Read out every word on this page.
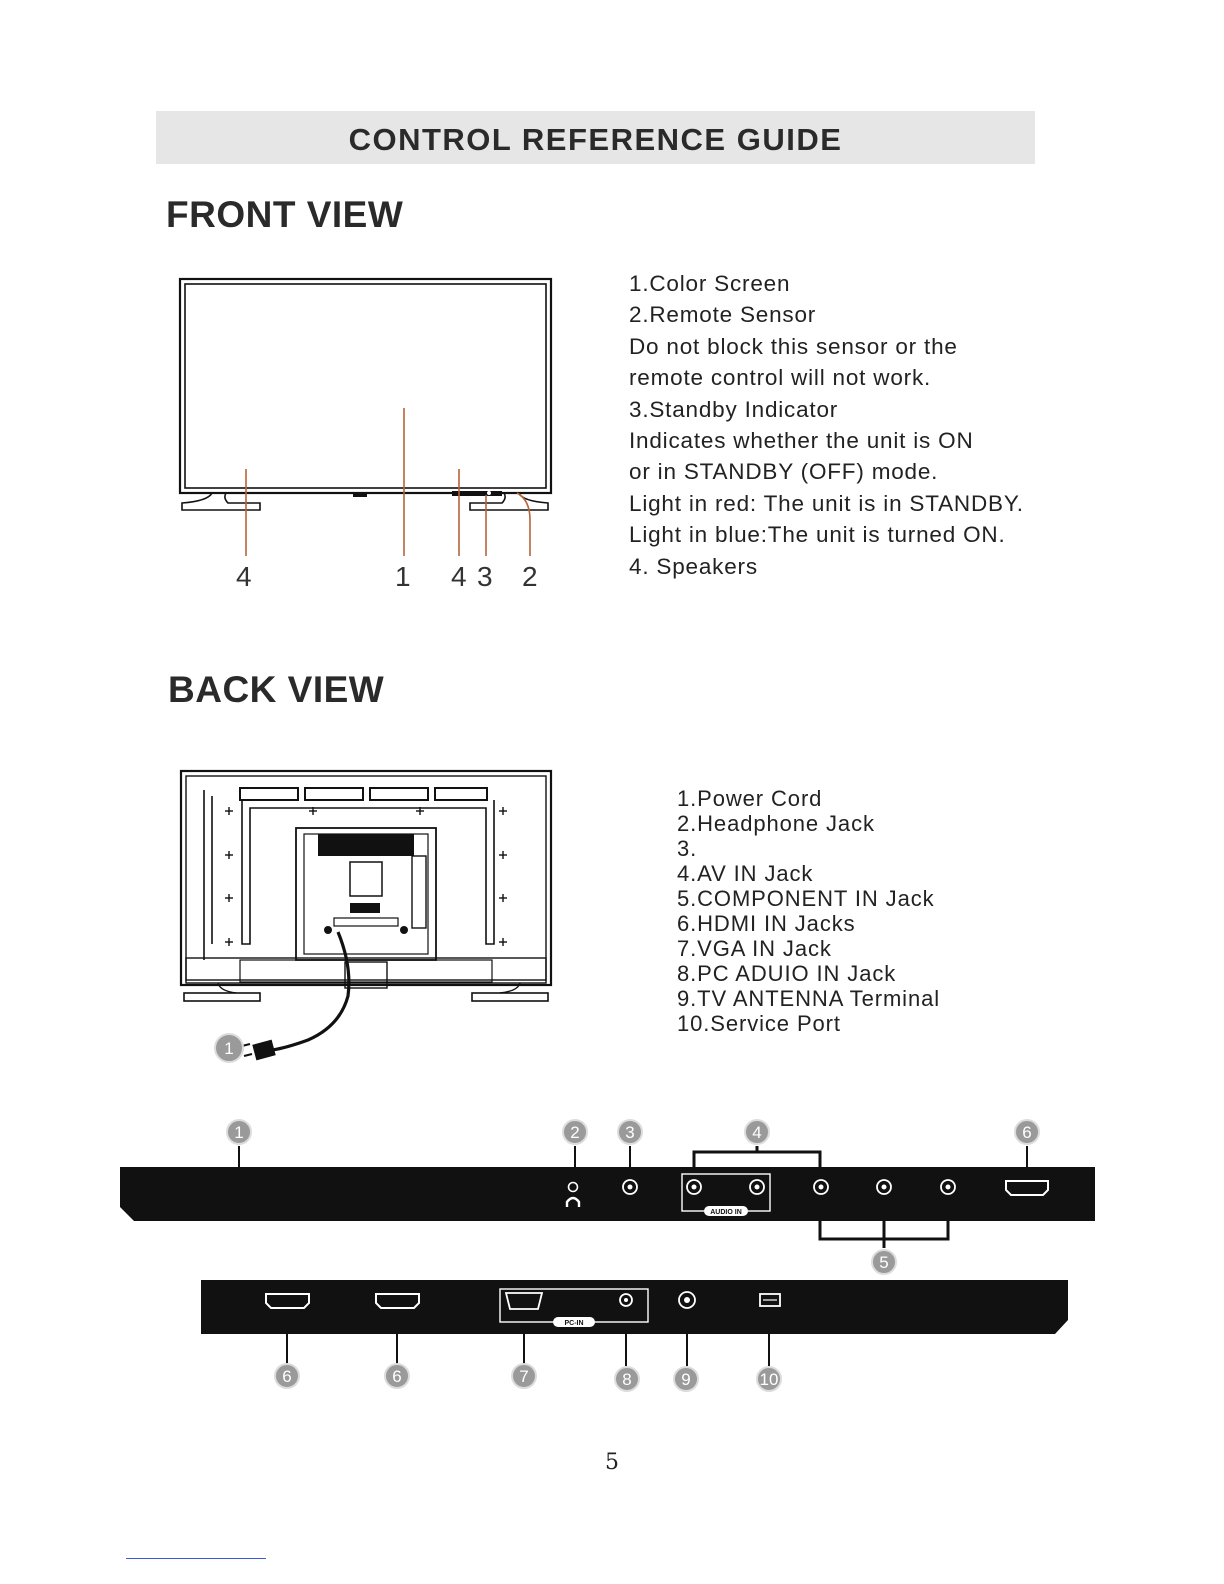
CONTROL REFERENCE GUIDE
FRONT VIEW
1
AUDIO IN
1	2	3	4	6
5
PC-IN
6	6	7	8	9	10
4	1 4 3 2
1.Color Screen
2.Remote Sensor
Do not block this sensor or the
remote control will not work.
3.Standby Indicator
Indicates whether the unit is ON
or in STANDBY (OFF) mode.
Light in red: The unit is in STANDBY.
Light in blue:The unit is turned ON.
4. Speakers
BACK VIEW
1.Power Cord
2.Headphone Jack
3.
4.AV IN Jack
5.COMPONENT IN Jack
6.HDMI IN Jacks
7.VGA IN Jack
8.PC ADUIO IN Jack
9.TV ANTENNA Terminal
10.Service Port
5
